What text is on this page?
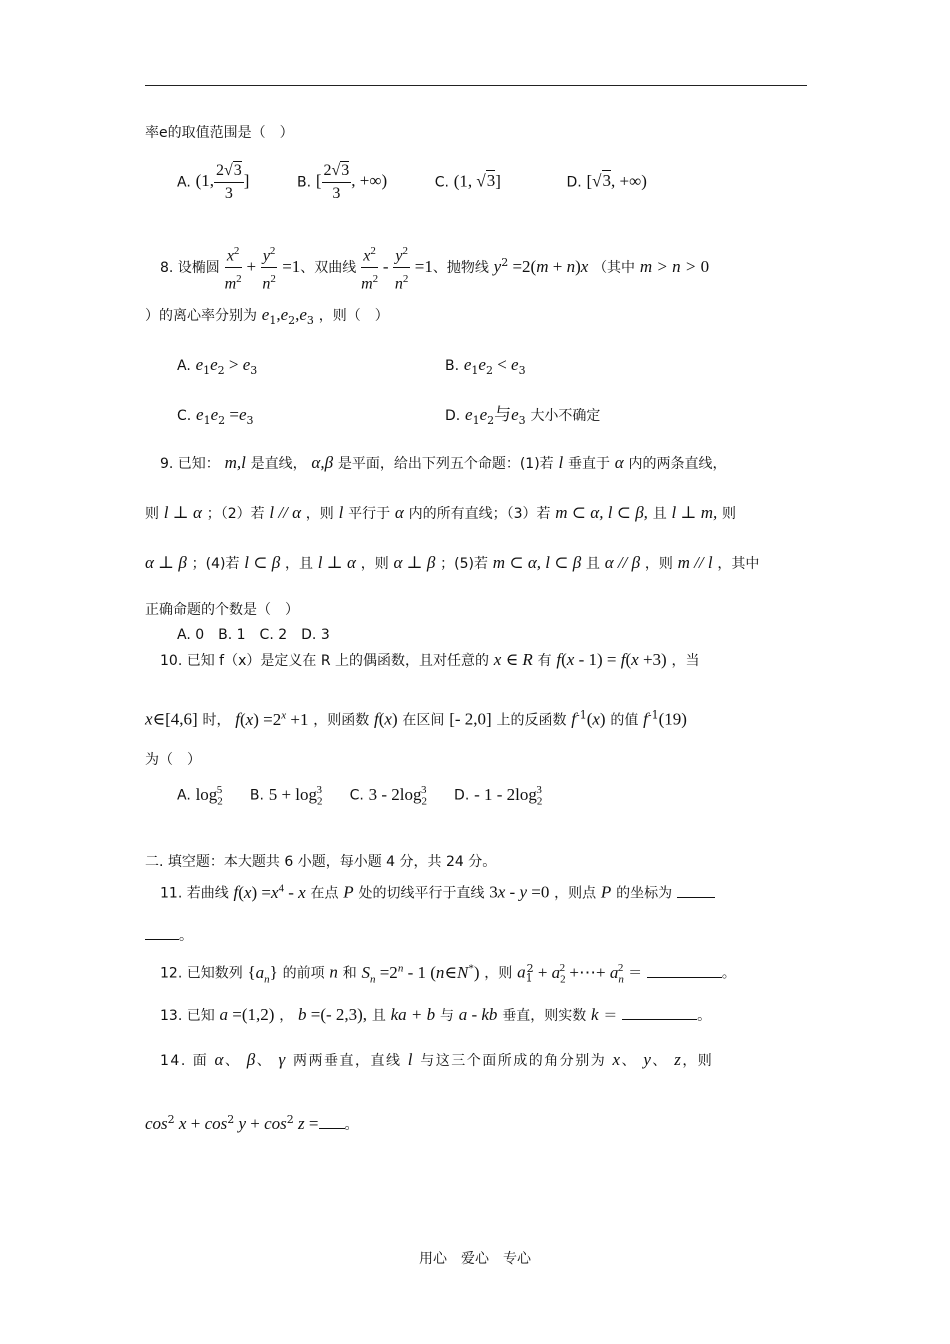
率e的取值范围是（　）
A. (1, $\frac{2√3}{3}$ ]	B. [ $\frac{2√3}{3}$ , +∞)	C. (1, √3]	D. [√3, +∞)
8. 设椭圆 $\frac{x^2}{m^2} + \frac{y^2}{n^2} =1$、双曲线 $\frac{x^2}{m^2} - \frac{y^2}{n^2} =1$、抛物线 $y^2 =2(m + n)x$ （其中 m > n > 0
）的离心率分别为 $e_1,e_2,e_3$ ，则（　）
A. $e_1e_2 > e_3$	B. $e_1e_2 < e_3$
C. $e_1e_2 =e_3$	D. $e_1e_2$与$e_3$ 大小不确定
9. 已知： m,l 是直线， α,β 是平面，给出下列五个命题：(1)若 l 垂直于 α 内的两条直线，
则 l ⊥ α ；（2）若 l // α ，则 l 平行于 α 内的所有直线；（3）若 m ⊂ α, l ⊂ β, 且 l ⊥ m, 则
α ⊥ β ；(4)若 l ⊂ β ，且 l ⊥ α ，则 α ⊥ β ；(5)若 m ⊂ α, l ⊂ β 且 α // β ，则 m // l ，其中
正确命题的个数是（　）
A. 0　B. 1　C. 2　D. 3
10. 已知 f（x）是定义在 R 上的偶函数，且对任意的 x ∈ R 有 f(x - 1) = f(x +3) ，当
x∈[4,6] 时， $f(x) =2^x +1$ ，则函数 f(x) 在区间 [- 2,0] 上的反函数 $f^{-1}(x)$ 的值 $f^{-1}(19)$
为（　）
A. $\log_2^5 B$. $5 + \log_2^3 C$. $3 - 2\log_2^3$ D. - $1 - 2\log_2^3$
二. 填空题：本大题共 6 小题，每小题 4 分，共 24 分。
11. 若曲线 $f(x) =x^4 - x$ 在点 P 处的切线平行于直线 3x - y =0 ，则点 P 的坐标为
。
12. 已知数列 $\{a_n\}$ 的前项 n 和 $S_n =2^n - 1$ (n∈N*) ，则 $a_1^2 + a_2^2$ +⋯+ $a_n^2$ ＝	。
13. 已知 a =(1,2) ， b =(- 2,3), 且 ka + b 与 a - kb 垂直，则实数 k ＝	。
14. 面 α、 β、 γ 两两垂直，直线 l 与这三个面所成的角分别为 x、 y、 z，则
$\cos^2 x + \cos^2 y + \cos^2 z$ = 。
用心　爱心　专心
